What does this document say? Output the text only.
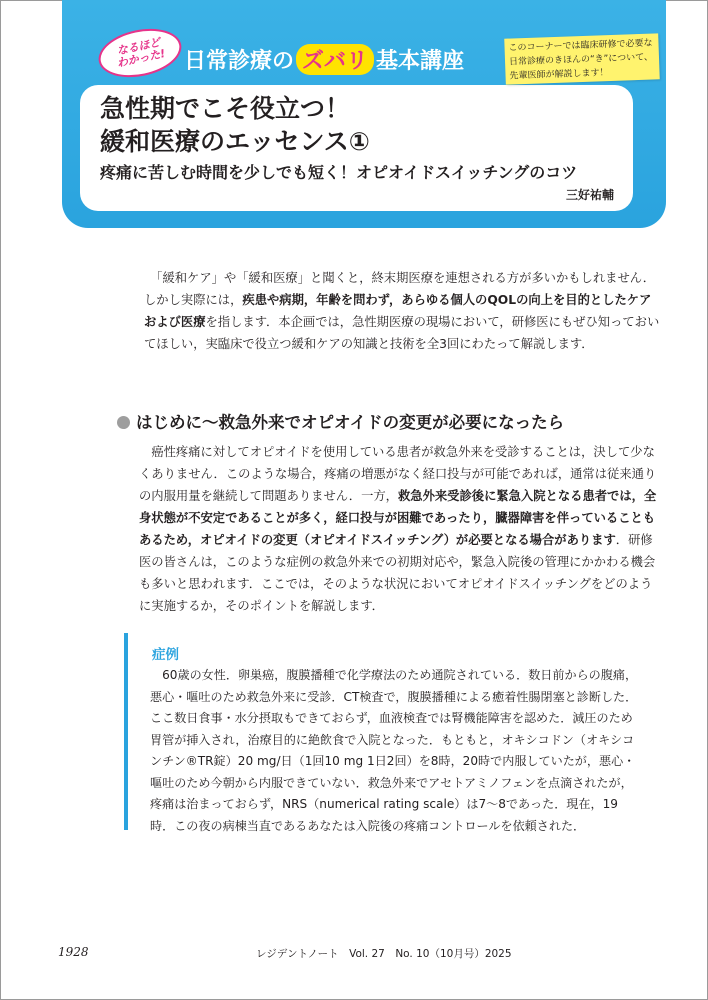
なるほど
わかった! 日常診療の ズバリ 基本講座
このコーナーでは臨床研修で必要な日常診療のきほんの“き”について、先輩医師が解説します！
急性期でこそ役立つ！
緩和医療のエッセンス①
疼痛に苦しむ時間を少しでも短く！オピオイドスイッチングのコツ
三好祐輔
　「緩和ケア」や「緩和医療」と聞くと，終末期医療を連想される方が多いかもしれません．しかし実際には，疾患や病期，年齢を問わず，あらゆる個人のQOLの向上を目的としたケアおよび医療を指します．本企画では，急性期医療の現場において，研修医にもぜひ知っておいてほしい，実臨床で役立つ緩和ケアの知識と技術を全3回にわたって解説します．
はじめに〜救急外来でオピオイドの変更が必要になったら
　癌性疼痛に対してオピオイドを使用している患者が救急外来を受診することは，決して少なくありません．このような場合，疼痛の増悪がなく経口投与が可能であれば，通常は従来通りの内服用量を継続して問題ありません．一方，救急外来受診後に緊急入院となる患者では，全身状態が不安定であることが多く，経口投与が困難であったり，臓器障害を伴っていることもあるため，オピオイドの変更（オピオイドスイッチング）が必要となる場合があります．研修医の皆さんは，このような症例の救急外来での初期対応や，緊急入院後の管理にかかわる機会も多いと思われます．ここでは，そのような状況においてオピオイドスイッチングをどのように実施するか，そのポイントを解説します．
症例
　60歳の女性．卵巣癌，腹膜播種で化学療法のため通院されている．数日前からの腹痛，悪心・嘔吐のため救急外来に受診．CT検査で，腹膜播種による癒着性腸閉塞と診断した．ここ数日食事・水分摂取もできておらず，血液検査では腎機能障害を認めた．減圧のため胃管が挿入され，治療目的に絶飲食で入院となった．もともと，オキシコドン（オキシコンチン®TR錠）20 mg/日（1回10 mg 1日2回）を8時，20時で内服していたが，悪心・嘔吐のため今朝から内服できていない．救急外来でアセトアミノフェンを点滴されたが，疼痛は治まっておらず，NRS（numerical rating scale）は7〜8であった．現在，19時．この夜の病棟当直であるあなたは入院後の疼痛コントロールを依頼された．
1928	レジデントノート　Vol. 27　No. 10（10月号）2025
